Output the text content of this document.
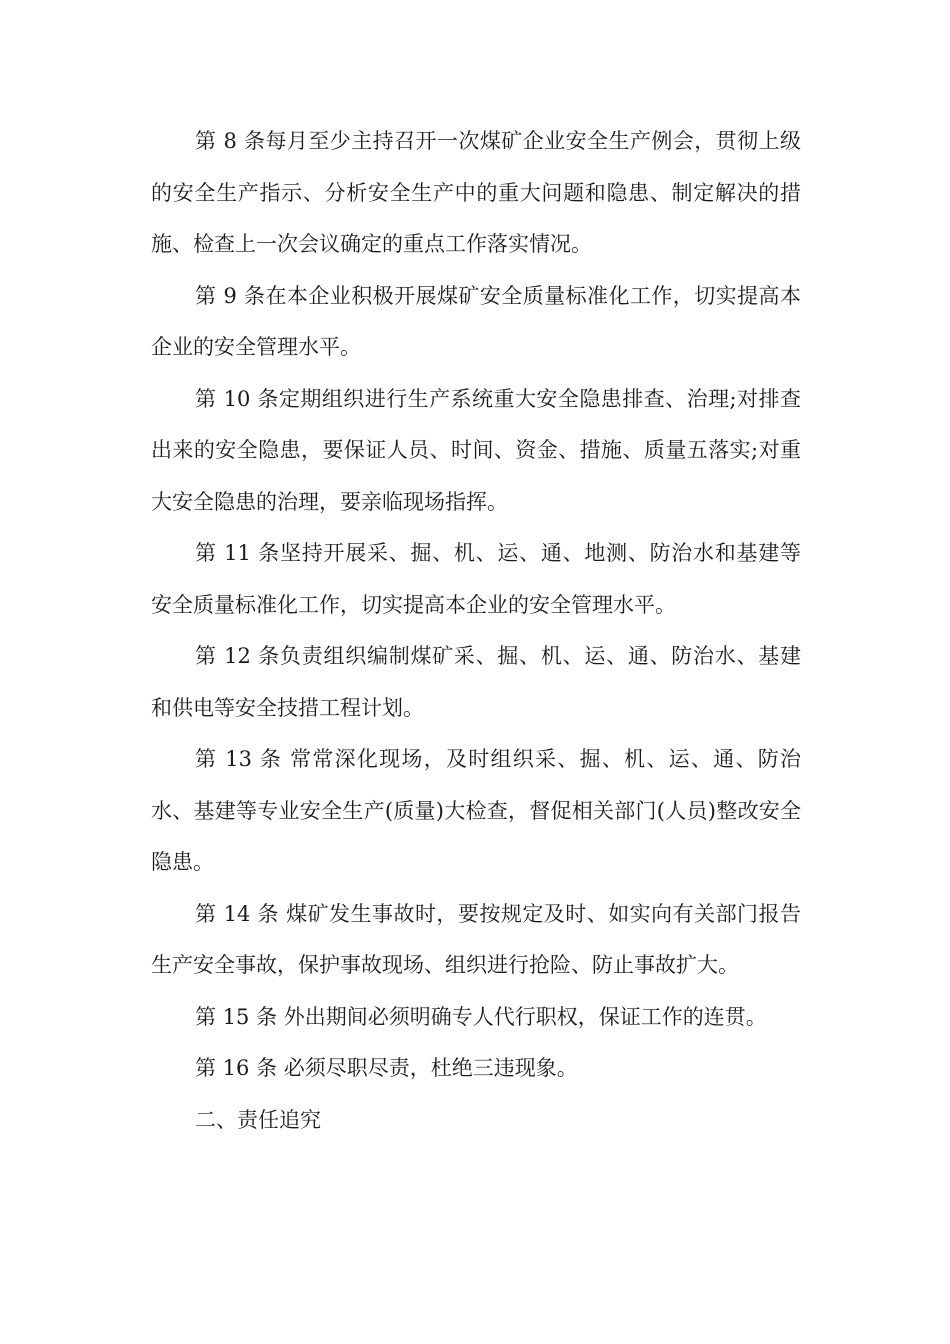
第 8 条每月至少主持召开一次煤矿企业安全生产例会，贯彻上级的安全生产指示、分析安全生产中的重大问题和隐患、制定解决的措施、检查上一次会议确定的重点工作落实情况。

第 9 条在本企业积极开展煤矿安全质量标准化工作，切实提高本企业的安全管理水平。

第 10 条定期组织进行生产系统重大安全隐患排查、治理;对排查出来的安全隐患，要保证人员、时间、资金、措施、质量五落实;对重大安全隐患的治理，要亲临现场指挥。

第 11 条坚持开展采、掘、机、运、通、地测、防治水和基建等安全质量标准化工作，切实提高本企业的安全管理水平。

第 12 条负责组织编制煤矿采、掘、机、运、通、防治水、基建和供电等安全技措工程计划。

第 13 条 常常深化现场，及时组织采、掘、机、运、通、防治水、基建等专业安全生产(质量)大检查，督促相关部门(人员)整改安全隐患。

第 14 条 煤矿发生事故时，要按规定及时、如实向有关部门报告生产安全事故，保护事故现场、组织进行抢险、防止事故扩大。

第 15 条 外出期间必须明确专人代行职权，保证工作的连贯。

第 16 条 必须尽职尽责，杜绝三违现象。

二、责任追究
